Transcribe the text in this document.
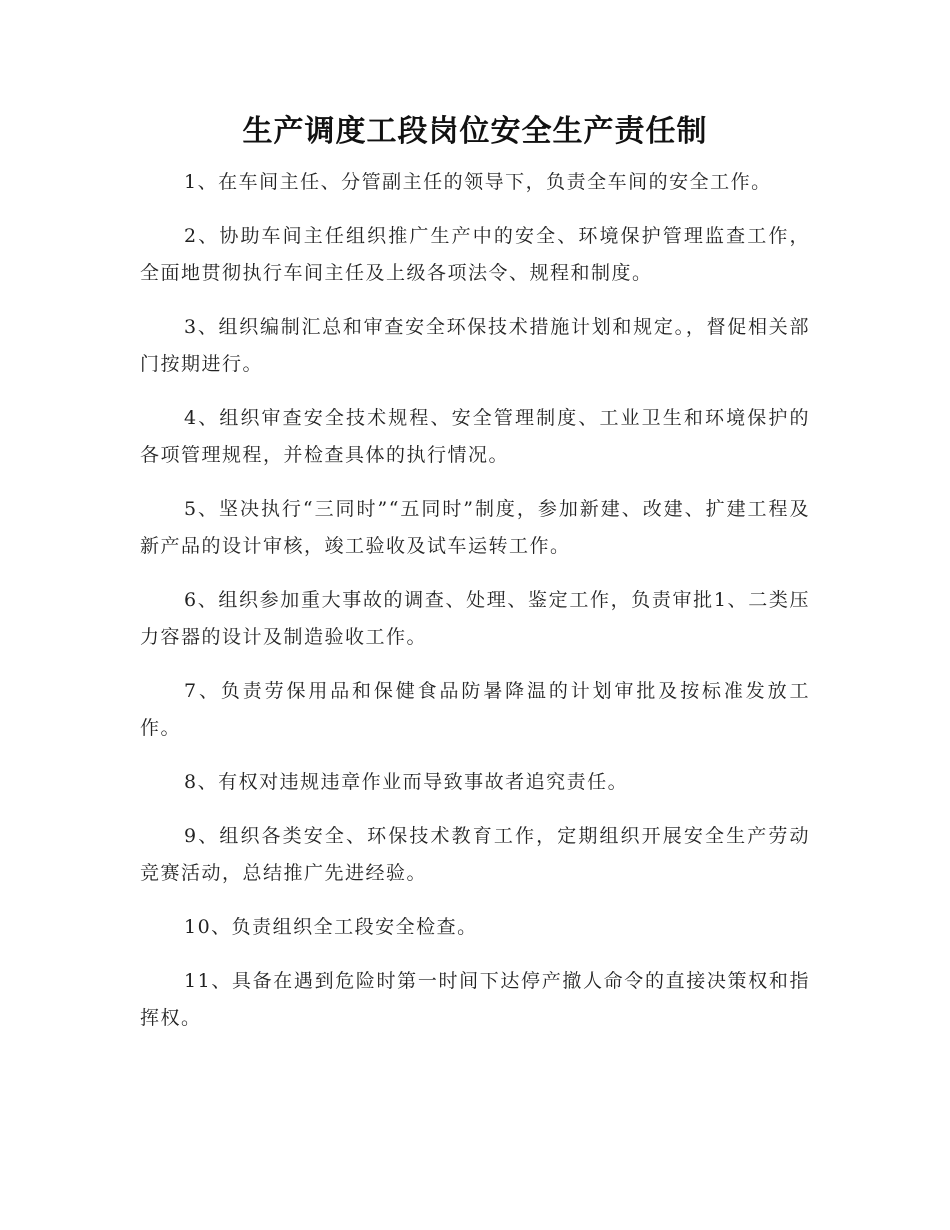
生产调度工段岗位安全生产责任制

1、在车间主任、分管副主任的领导下，负责全车间的安全工作。

2、协助车间主任组织推广生产中的安全、环境保护管理监查工作，全面地贯彻执行车间主任及上级各项法令、规程和制度。

3、组织编制汇总和审查安全环保技术措施计划和规定。，督促相关部门按期进行。

4、组织审查安全技术规程、安全管理制度、工业卫生和环境保护的各项管理规程，并检查具体的执行情况。

5、坚决执行“三同时”“五同时”制度，参加新建、改建、扩建工程及新产品的设计审核，竣工验收及试车运转工作。

6、组织参加重大事故的调查、处理、鉴定工作，负责审批1、二类压力容器的设计及制造验收工作。

7、负责劳保用品和保健食品防暑降温的计划审批及按标准发放工作。

8、有权对违规违章作业而导致事故者追究责任。

9、组织各类安全、环保技术教育工作，定期组织开展安全生产劳动竞赛活动，总结推广先进经验。

10、负责组织全工段安全检查。

11、具备在遇到危险时第一时间下达停产撤人命令的直接决策权和指挥权。
